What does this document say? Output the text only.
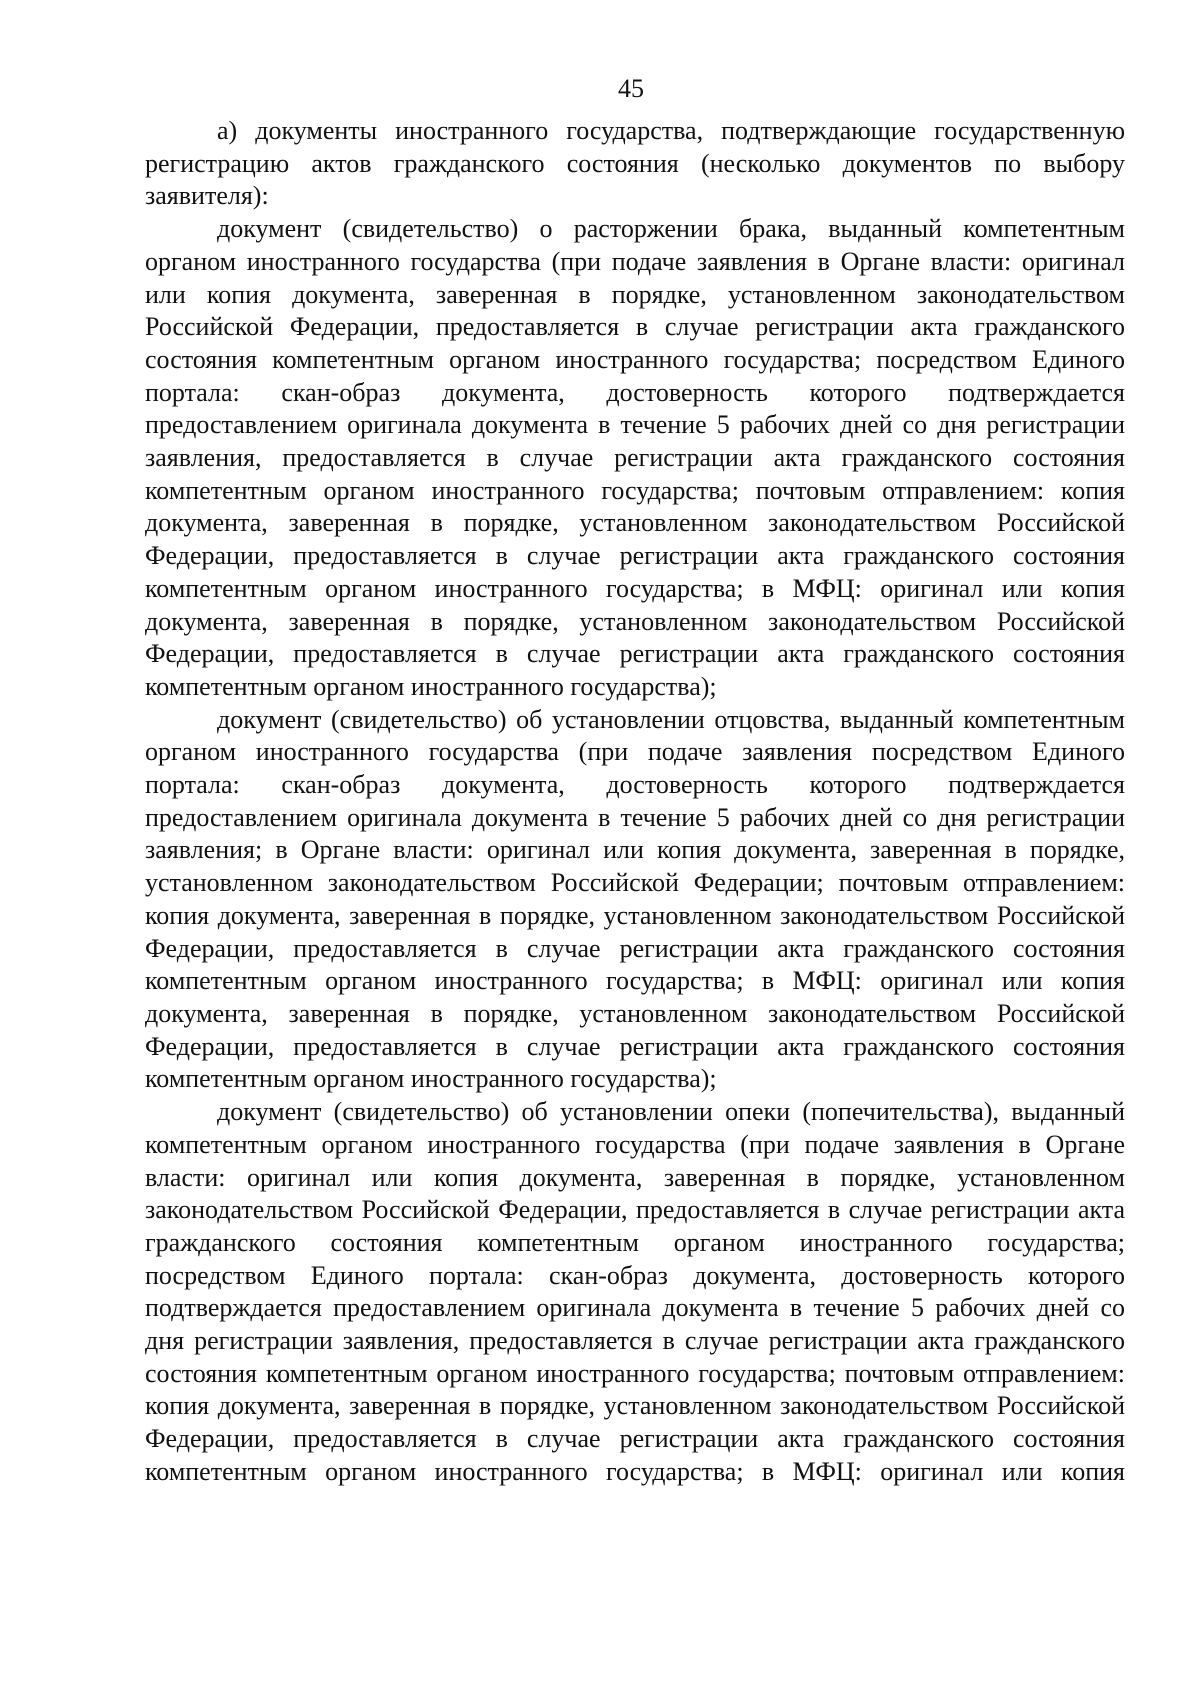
45

а) документы иностранного государства, подтверждающие государственную регистрацию актов гражданского состояния (несколько документов по выбору заявителя):

документ (свидетельство) о расторжении брака, выданный компетентным органом иностранного государства (при подаче заявления в Органе власти: оригинал или копия документа, заверенная в порядке, установленном законодательством Российской Федерации, предоставляется в случае регистрации акта гражданского состояния компетентным органом иностранного государства; посредством Единого портала: скан-образ документа, достоверность которого подтверждается предоставлением оригинала документа в течение 5 рабочих дней со дня регистрации заявления, предоставляется в случае регистрации акта гражданского состояния компетентным органом иностранного государства; почтовым отправлением: копия документа, заверенная в порядке, установленном законодательством Российской Федерации, предоставляется в случае регистрации акта гражданского состояния компетентным органом иностранного государства; в МФЦ: оригинал или копия документа, заверенная в порядке, установленном законодательством Российской Федерации, предоставляется в случае регистрации акта гражданского состояния компетентным органом иностранного государства);

документ (свидетельство) об установлении отцовства, выданный компетентным органом иностранного государства (при подаче заявления посредством Единого портала: скан-образ документа, достоверность которого подтверждается предоставлением оригинала документа в течение 5 рабочих дней со дня регистрации заявления; в Органе власти: оригинал или копия документа, заверенная в порядке, установленном законодательством Российской Федерации; почтовым отправлением: копия документа, заверенная в порядке, установленном законодательством Российской Федерации, предоставляется в случае регистрации акта гражданского состояния компетентным органом иностранного государства; в МФЦ: оригинал или копия документа, заверенная в порядке, установленном законодательством Российской Федерации, предоставляется в случае регистрации акта гражданского состояния компетентным органом иностранного государства);

документ (свидетельство) об установлении опеки (попечительства), выданный компетентным органом иностранного государства (при подаче заявления в Органе власти: оригинал или копия документа, заверенная в порядке, установленном законодательством Российской Федерации, предоставляется в случае регистрации акта гражданского состояния компетентным органом иностранного государства; посредством Единого портала: скан-образ документа, достоверность которого подтверждается предоставлением оригинала документа в течение 5 рабочих дней со дня регистрации заявления, предоставляется в случае регистрации акта гражданского состояния компетентным органом иностранного государства; почтовым отправлением: копия документа, заверенная в порядке, установленном законодательством Российской Федерации, предоставляется в случае регистрации акта гражданского состояния компетентным органом иностранного государства; в МФЦ: оригинал или копия
